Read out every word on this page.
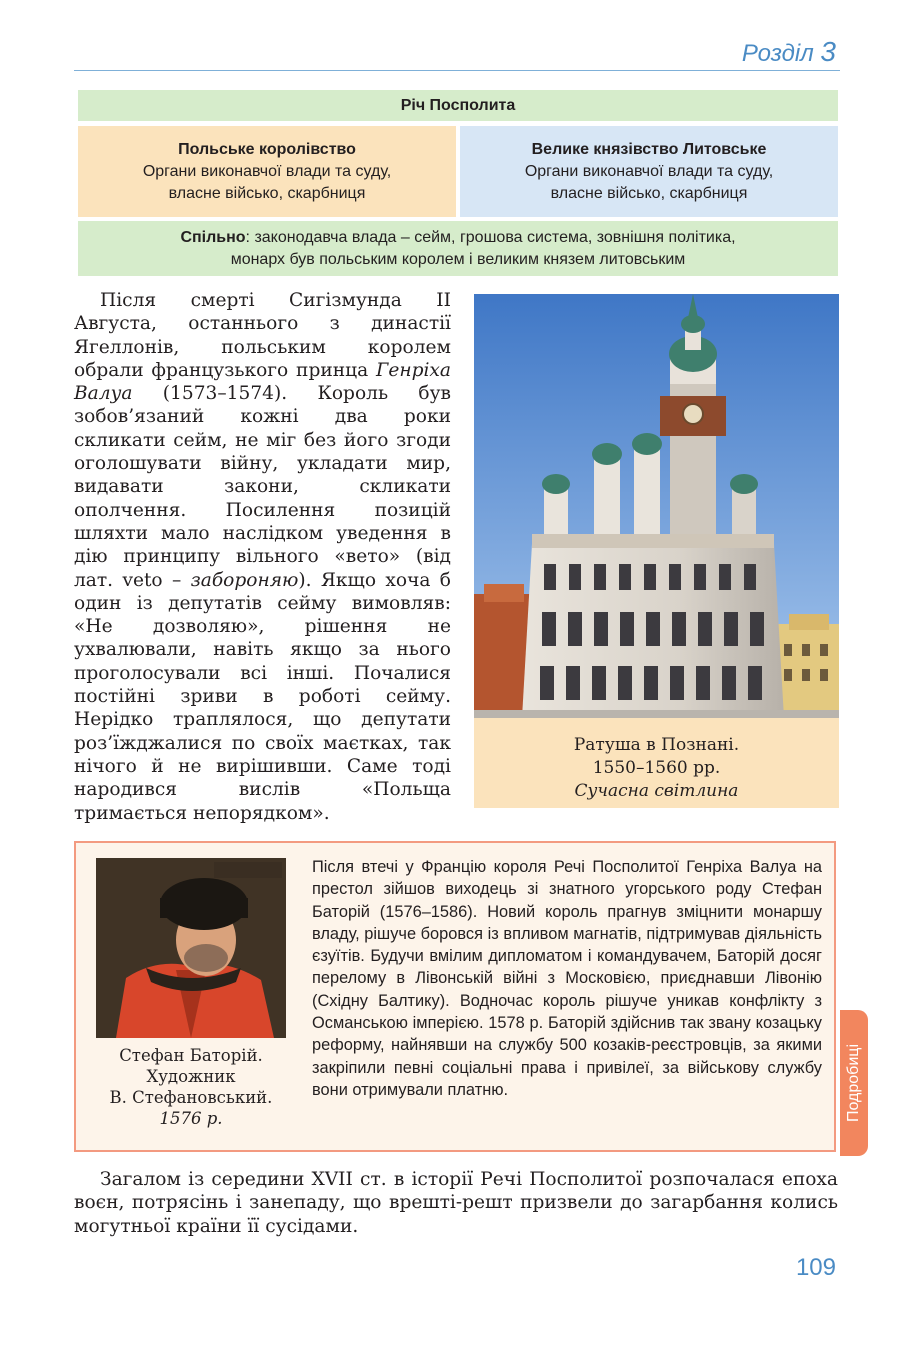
Розділ 3
Річ Посполита
Польське королівство
Органи виконавчої влади та суду,
власне військо, скарбниця
Велике князівство Литовське
Органи виконавчої влади та суду,
власне військо, скарбниця
Спільно: законодавча влада – сейм, грошова система, зовнішня політика,
монарх був польським королем і великим князем литовським

Після смерті Сигізмунда ІІ Августа, останнього з династії Ягеллонів, польським королем обрали французького принца Генріха Валуа (1573–1574). Король був зобов’язаний кожні два роки скликати сейм, не міг без його згоди оголошувати війну, укладати мир, видавати закони, скликати ополчення. Посилення позицій шляхти мало наслідком уведення в дію принципу вільного «вето» (від лат. veto – забороняю). Якщо хоча б один із депутатів сейму вимовляв: «Не дозволяю», рішення не ухвалювали, навіть якщо за нього проголосували всі інші. Почалися постійні зриви в роботі сейму. Нерідко траплялося, що депутати роз’їжджалися по своїх маєтках, так нічого й не вирішивши. Саме тоді народився вислів «Польща тримається непорядком».

Ратуша в Познані.
1550–1560 рр.
Сучасна світлина
Стефан Баторій.
Художник
В. Стефановський.
1576 р.

Після втечі у Францію короля Речі Посполитої Генріха Валуа на престол зійшов виходець зі знатного угорського роду Стефан Баторій (1576–1586). Новий король прагнув зміцнити монаршу владу, рішуче боровся із впливом магнатів, підтримував діяльність єзуїтів. Будучи вмілим дипломатом і командувачем, Баторій досяг перелому в Лівонській війні з Московією, приєднавши Лівонію (Східну Балтику). Водночас король рішуче уникав конфлікту з Османською імперією. 1578 р. Баторій здійснив так звану козацьку реформу, найнявши на службу 500 козаків-реєстровців, за якими закріпили певні соціальні права і привілеї, за військову службу вони отримували платню.	Подробиці

Загалом із середини XVII ст. в історії Речі Посполитої розпочалася епоха воєн, потрясінь і занепаду, що врешті-решт призвели до загарбання колись могутньої країни її сусідами.

109
